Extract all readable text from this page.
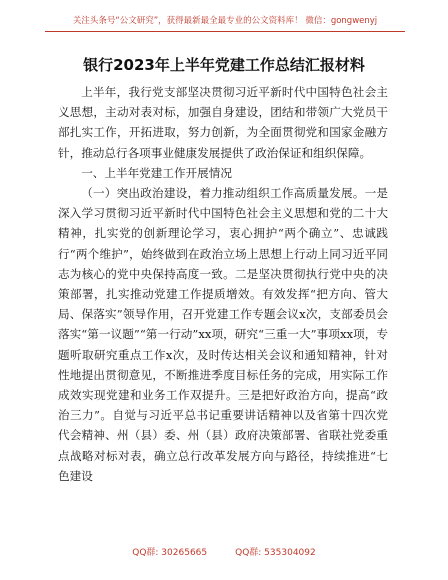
关注头条号“公文研究”，获得最新最全最专业的公文资料库！ 微信：gongwenyj
银行2023年上半年党建工作总结汇报材料

上半年，我行党支部坚决贯彻习近平新时代中国特色社会主义思想，主动对表对标，加强自身建设，团结和带领广大党员干部扎实工作，开拓进取，努力创新，为全面贯彻党和国家金融方针，推动总行各项事业健康发展提供了政治保证和组织保障。

一、上半年党建工作开展情况

（一）突出政治建设，着力推动组织工作高质量发展。一是深入学习贯彻习近平新时代中国特色社会主义思想和党的二十大精神，扎实党的创新理论学习，衷心拥护“两个确立”、忠诚践行“两个维护”，始终做到在政治立场上思想上行动上同习近平同志为核心的党中央保持高度一致。二是坚决贯彻执行党中央的决策部署，扎实推动党建工作提质增效。有效发挥“把方向、管大局、保落实”领导作用，召开党建工作专题会议x次，支部委员会落实“第一议题”“第一行动”xx项，研究“三重一大”事项xx项，专题听取研究重点工作x次，及时传达相关会议和通知精神，针对性地提出贯彻意见，不断推进季度目标任务的完成，用实际工作成效实现党建和业务工作双提升。三是把好政治方向，提高“政治三力”。自觉与习近平总书记重要讲话精神以及省第十四次党代会精神、州（县）委、州（县）政府决策部署、省联社党委重点战略对标对表，确立总行改革发展方向与路径，持续推进“七色建设

QQ群: 30265665	QQ群: 535304092
